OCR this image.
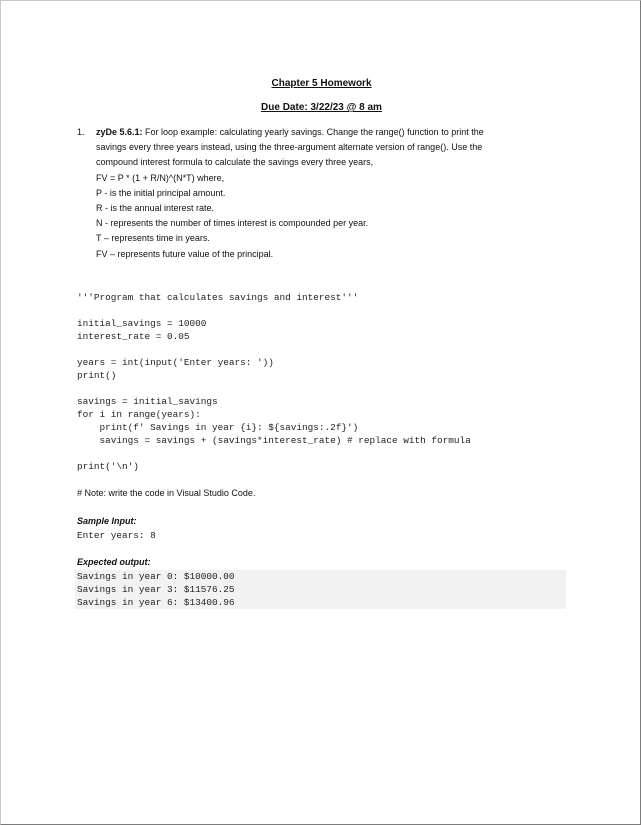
Chapter 5 Homework
Due Date: 3/22/23 @ 8 am
1. zyDe 5.6.1: For loop example: calculating yearly savings. Change the range() function to print the
savings every three years instead, using the three-argument alternate version of range(). Use the
compound interest formula to calculate the savings every three years,
FV = P * (1 + R/N)^(N*T) where,
P - is the initial principal amount.
R - is the annual interest rate.
N - represents the number of times interest is compounded per year.
T – represents time in years.
FV – represents future value of the principal.
'''Program that calculates savings and interest'''
initial_savings = 10000
interest_rate = 0.05
years = int(input('Enter years: '))
print()
savings = initial_savings
for i in range(years):
print(f' Savings in year {i}: ${savings:.2f}')
savings = savings + (savings*interest_rate) # replace with formula
print('\n')
# Note: write the code in Visual Studio Code.
Sample Input:
Enter years: 8
Expected output:
Savings in year 0: $10000.00
Savings in year 3: $11576.25
Savings in year 6: $13400.96
